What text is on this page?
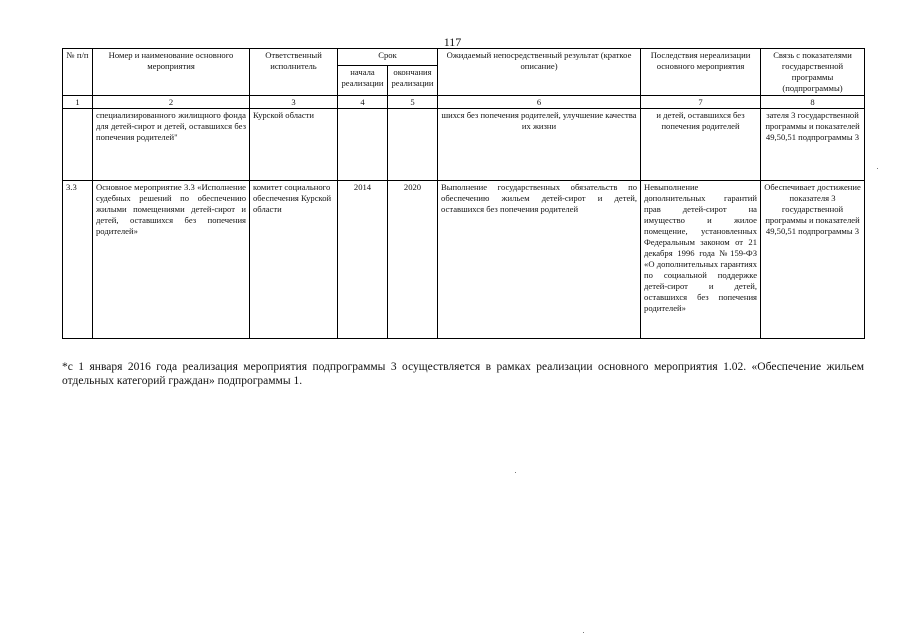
117
№ п/п	Номер и наименование основного мероприятия	Ответственный исполнитель	Срок		Ожидаемый непосредственный результат (краткое описание)	Последствия нереализации основного мероприятия	Связь с показателями государственной программы (подпрограммы)
			начала реализации	окончания реализации			
1	2	3	4	5	6	7	8
	специализированного жилищного фонда для детей-сирот и детей, оставшихся без попечения родителей"	Курской области			шихся без попечения родителей, улучшение качества их жизни	и детей, оставшихся без попечения родителей	зателя 3 государственной программы и показателей 49,50,51 подпрограммы 3
3.3	Основное мероприятие 3.3 «Исполнение судебных решений по обеспечению жилыми помещениями детей-сирот и детей, оставшихся без попечения родителей»	комитет социального обеспечения Курской области	2014	2020	Выполнение государственных обязательств по обеспечению жильем детей-сирот и детей, оставшихся без попечения родителей	Невыполнение дополнительных гарантий прав детей-сирот на имущество и жилое помещение, установленных Федеральным законом от 21 декабря 1996 года №159-ФЗ «О дополнительных гарантиях по социальной поддержке детей-сирот и детей, оставшихся без попечения родителей»	Обеспечивает достижение показателя 3 государственной программы и показателей 49,50,51 подпрограммы 3
*с 1 января 2016 года реализация мероприятия подпрограммы 3 осуществляется в рамках реализации основного мероприятия 1.02. «Обеспечение жильем отдельных категорий граждан» подпрограммы 1.
